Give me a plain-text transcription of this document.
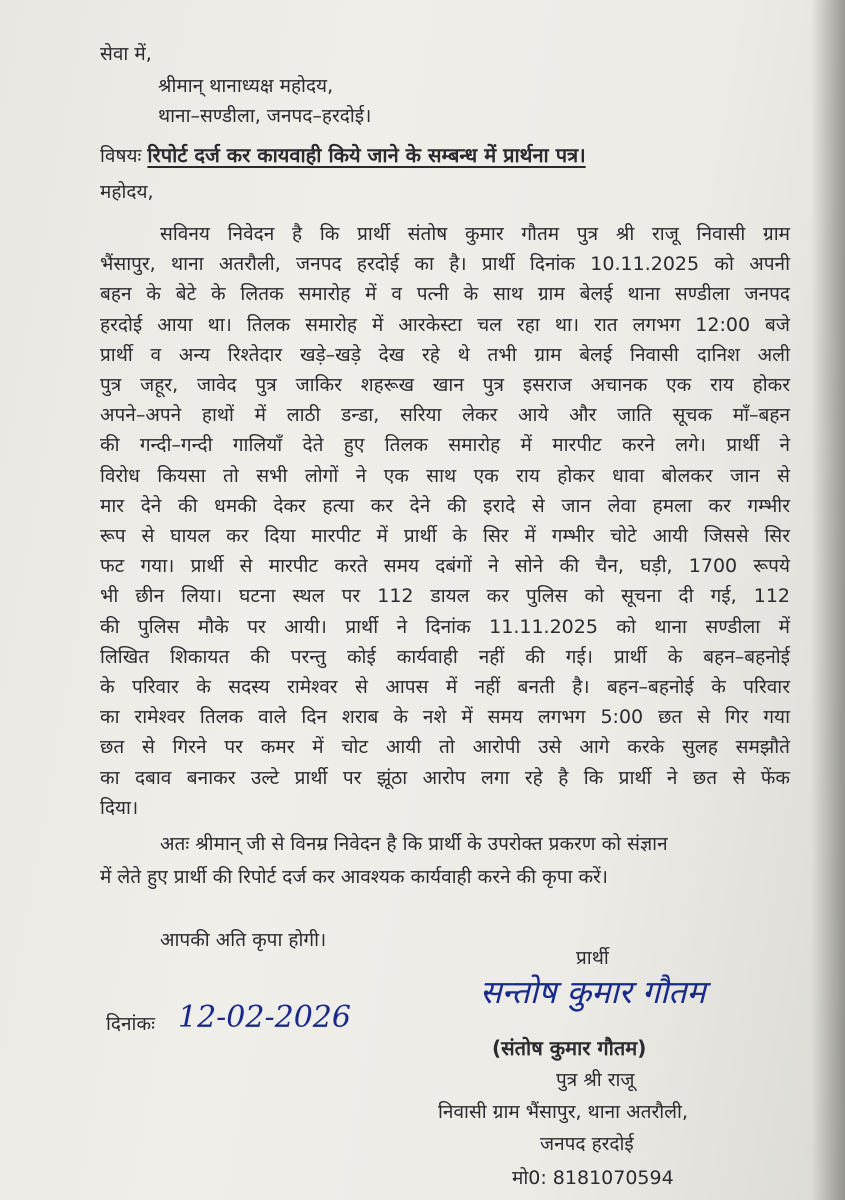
सेवा में,
श्रीमान् थानाध्यक्ष महोदय,
थाना–सण्डीला, जनपद–हरदोई।
विषयः रिपोर्ट दर्ज कर कायवाही किये जाने के सम्बन्ध में प्रार्थना पत्र।
महोदय,
सविनय निवेदन है कि प्रार्थी संतोष कुमार गौतम पुत्र श्री राजू निवासी ग्राम
भैंसापुर, थाना अतरौली, जनपद हरदोई का है। प्रार्थी दिनांक 10.11.2025 को अपनी
बहन के बेटे के लितक समारोह में व पत्नी के साथ ग्राम बेलई थाना सण्डीला जनपद
हरदोई आया था। तिलक समारोह में आरकेस्टा चल रहा था। रात लगभग 12:00 बजे
प्रार्थी व अन्य रिश्तेदार खड़े–खड़े देख रहे थे तभी ग्राम बेलई निवासी दानिश अली
पुत्र जहूर, जावेद पुत्र जाकिर शहरूख खान पुत्र इसराज अचानक एक राय होकर
अपने–अपने हाथों में लाठी डन्डा, सरिया लेकर आये और जाति सूचक माँ–बहन
की गन्दी–गन्दी गालियाँ देते हुए तिलक समारोह में मारपीट करने लगे। प्रार्थी ने
विरोध कियसा तो सभी लोगों ने एक साथ एक राय होकर धावा बोलकर जान से
मार देने की धमकी देकर हत्या कर देने की इरादे से जान लेवा हमला कर गम्भीर
रूप से घायल कर दिया मारपीट में प्रार्थी के सिर में गम्भीर चोटे आयी जिससे सिर
फट गया। प्रार्थी से मारपीट करते समय दबंगों ने सोने की चैन, घड़ी, 1700 रूपये
भी छीन लिया। घटना स्थल पर 112 डायल कर पुलिस को सूचना दी गई, 112
की पुलिस मौके पर आयी। प्रार्थी ने दिनांक 11.11.2025 को थाना सण्डीला में
लिखित शिकायत की परन्तु कोई कार्यवाही नहीं की गई। प्रार्थी के बहन–बहनोई
के परिवार के सदस्य रामेश्वर से आपस में नहीं बनती है। बहन–बहनोई के परिवार
का रामेश्वर तिलक वाले दिन शराब के नशे में समय लगभग 5:00 छत से गिर गया
छत से गिरने पर कमर में चोट आयी तो आरोपी उसे आगे करके सुलह समझौते
का दबाव बनाकर उल्टे प्रार्थी पर झूंठा आरोप लगा रहे है कि प्रार्थी ने छत से फेंक
दिया।
अतः श्रीमान् जी से विनम्र निवेदन है कि प्रार्थी के उपरोक्त प्रकरण को संज्ञान
में लेते हुए प्रार्थी की रिपोर्ट दर्ज कर आवश्यक कार्यवाही करने की कृपा करें।
आपकी अति कृपा होगी।
प्रार्थी
सन्तोष कुमार गौतम
दिनांकः 12-02-2026
(संतोष कुमार गौतम)
पुत्र श्री राजू
निवासी ग्राम भैंसापुर, थाना अतरौली,
जनपद हरदोई
मो0: 8181070594
